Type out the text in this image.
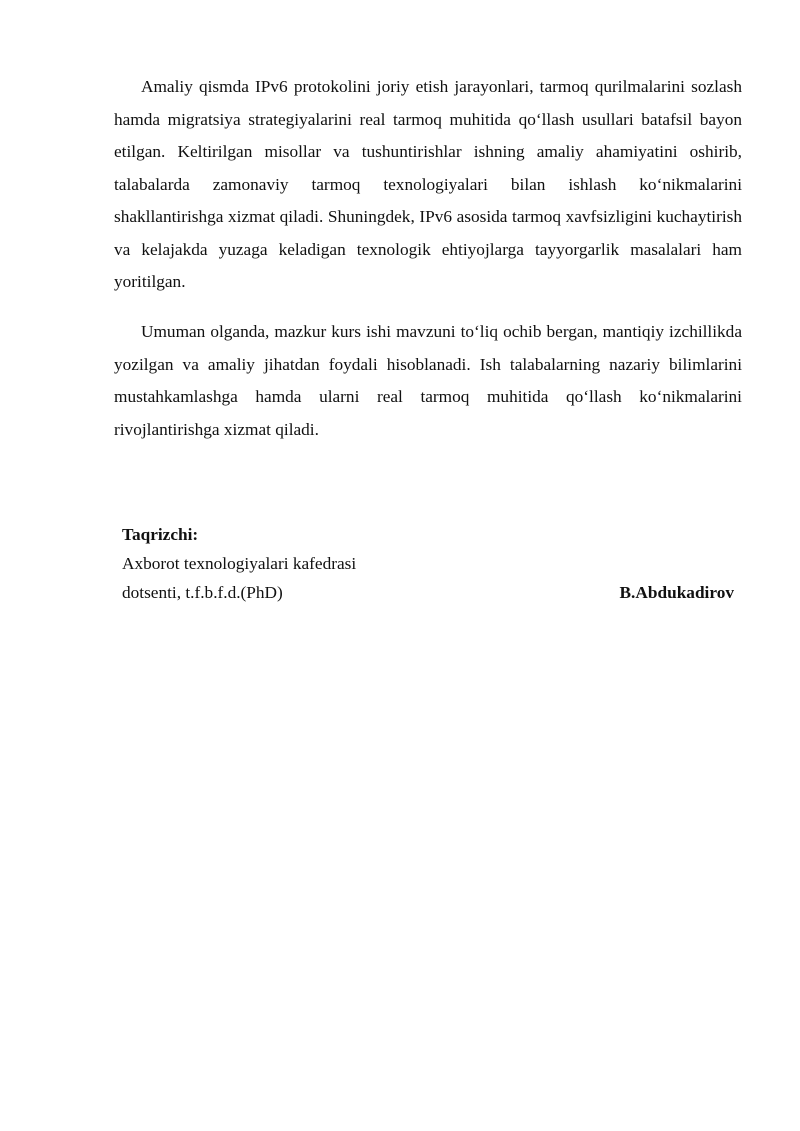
Amaliy qismda IPv6 protokolini joriy etish jarayonlari, tarmoq qurilmalarini sozlash hamda migratsiya strategiyalarini real tarmoq muhitida qo‘llash usullari batafsil bayon etilgan. Keltirilgan misollar va tushuntirishlar ishning amaliy ahamiyatini oshirib, talabalarda zamonaviy tarmoq texnologiyalari bilan ishlash ko‘nikmalarini shakllantirishga xizmat qiladi. Shuningdek, IPv6 asosida tarmoq xavfsizligini kuchaytirish va kelajakda yuzaga keladigan texnologik ehtiyojlarga tayyorgarlik masalalari ham yoritilgan.

Umuman olganda, mazkur kurs ishi mavzuni to‘liq ochib bergan, mantiqiy izchillikda yozilgan va amaliy jihatdan foydali hisoblanadi. Ish talabalarning nazariy bilimlarini mustahkamlashga hamda ularni real tarmoq muhitida qo‘llash ko‘nikmalarini rivojlantirishga xizmat qiladi.

Taqrizchi:
Axborot texnologiyalari kafedrasi
dotsenti, t.f.b.f.d.(PhD)	B.Abdukadirov
